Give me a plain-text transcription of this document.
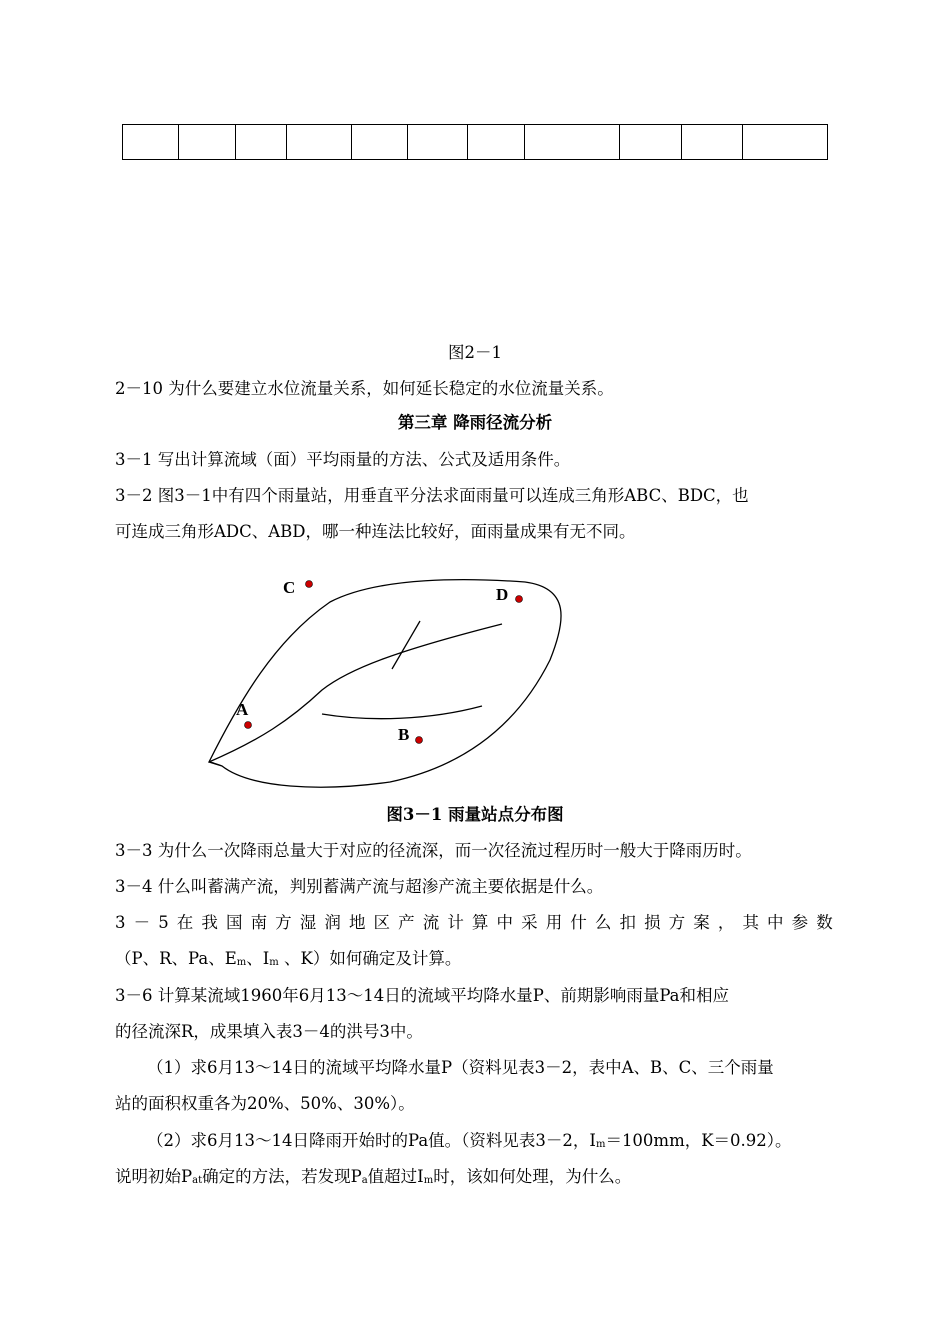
图2－1
2－10 为什么要建立水位流量关系，如何延长稳定的水位流量关系。
第三章 降雨径流分析
3－1 写出计算流域（面）平均雨量的方法、公式及适用条件。
3－2 图3－1中有四个雨量站，用垂直平分法求面雨量可以连成三角形ABC、BDC，也
可连成三角形ADC、ABD，哪一种连法比较好，面雨量成果有无不同。
C	D
A
B
图3－1 雨量站点分布图
3－3 为什么一次降雨总量大于对应的径流深，而一次径流过程历时一般大于降雨历时。
3－4 什么叫蓄满产流，判别蓄满产流与超渗产流主要依据是什么。
3 － 5 在 我 国 南 方 湿 润 地 区 产 流 计 算 中 采 用 什 么 扣 损 方 案 ， 其 中 参 数
（P、R、Pa、$E_m$、$I_m$ 、K）如何确定及计算。
3－6 计算某流域1960年6月13～14日的流域平均降水量P、前期影响雨量Pa和相应
的径流深R，成果填入表3－4的洪号3中。
（1）求6月13～14日的流域平均降水量P（资料见表3－2，表中A、B、C、三个雨量
站的面积权重各为20%、50%、30%）。
（2）求6月13～14日降雨开始时的Pa值。（资料见表3－2，$I_m=100mm$，K＝0.92）。
说明初始$P_{at}$确定的方法，若发现$P_a$值超过$I_m$时，该如何处理，为什么。
